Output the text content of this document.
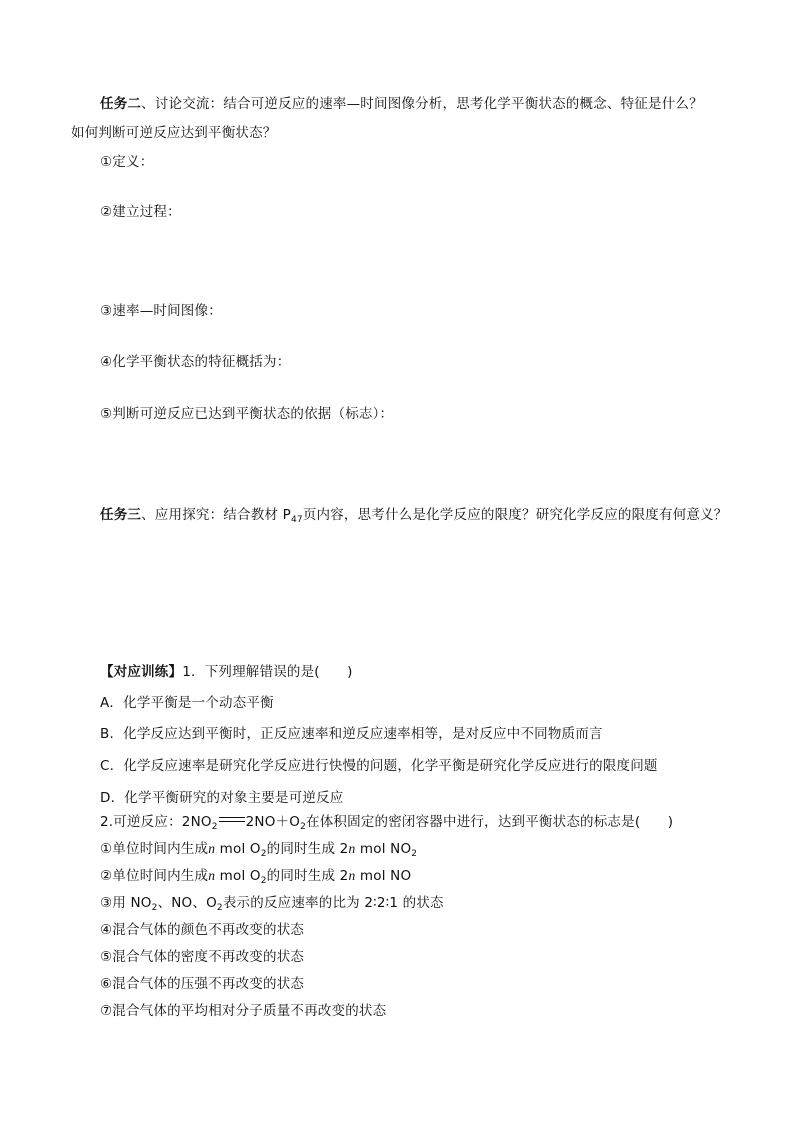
任务二、讨论交流：结合可逆反应的速率—时间图像分析，思考化学平衡状态的概念、特征是什么？
如何判断可逆反应达到平衡状态？
①定义：
②建立过程：
③速率—时间图像：
④化学平衡状态的特征概括为：
⑤判断可逆反应已达到平衡状态的依据（标志）：
任务三、应用探究：结合教材 $P_{47}$页内容，思考什么是化学反应的限度？研究化学反应的限度有何意义？
【对应训练】1．下列理解错误的是(　　)
A．化学平衡是一个动态平衡
B．化学反应达到平衡时，正反应速率和逆反应速率相等，是对反应中不同物质而言
C．化学反应速率是研究化学反应进行快慢的问题，化学平衡是研究化学反应进行的限度问题
D．化学平衡研究的对象主要是可逆反应
2.可逆反应：$2NO_2$ $2NO+O_2$在体积固定的密闭容器中进行，达到平衡状态的标志是(　　)
①单位时间内生成n mol $O_2$的同时生成 2n mol $NO_2$
②单位时间内生成n mol $O_2$的同时生成 2n mol NO
③用 $NO_2$、NO、$O_2$表示的反应速率的比为 2∶2∶1 的状态
④混合气体的颜色不再改变的状态
⑤混合气体的密度不再改变的状态
⑥混合气体的压强不再改变的状态
⑦混合气体的平均相对分子质量不再改变的状态
